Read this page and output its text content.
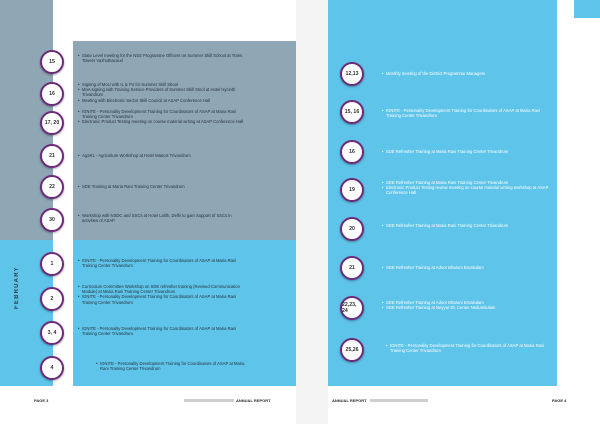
FEBRUARY
15
• State Level meeting for the NSS Programme Officers on Summer Skill School at Trans Towers Vazhuthacaud
16
• Signing of MoU with IL & FS for Summer Skill Sbool
• MoA signing with Training Service Providers of Summer Skill Stool at Hotel Hycinth Trivandrum
• Meeting with Electronic Sector Skill Council at ASAP Conference Hall
17, 20
• IGNITE - Personality Development Training for Coordinators of ASAP at Maria Rani Training Center Trivandrum
• Electronic Product Testing meeting on course material writing at ASAP Conference Hall
21	• AgSKL - Agriculture Workshop at Hotel Mascot Trivandrum
22	• SDE Training at Maria Rani Training Center Trivandrum
30
• Workshop with NSDC and SSCs at Hotel Lalith, Delhi to gain Support of SSCs in activities of ASAP
1
• IGNITE - Personality Development Training for Coordinators of ASAP at Maria Rani Training Center Trivandrum
2
• Curriculum Committee Workshop on SDE refresher training (Revised Communication Module) at Maria Rani Training Center Trivandrum
• IGNITE - Personality Development Training for Coordinators of ASAP at Maria Rani Training Center Trivandrum
3, 4
• IGNITE - Personality Development Training for Coordinators of ASAP at Maria Rani Training Center Trivandrum
4
• IGNITE - Personality Development Training for Coordinators of ASAP at Maria Rani Training Center Trivandrum
PAGE 3	ANNUAL REPORT
12,13	• Monthly meeting of the District Programme Managers
15, 16	• IGNITE - Personality Development Training for Coordinators of ASAP at Maria Rani Training Center Trivandrum
16	• SDE Refresher Training at Maria Rani Training Center Trivandrum
19
• SDE Refresher Training at Maria Rani Training Center Trivandrum
• Electronic Product Testing review meeting on course material writing workshop at ASAP Conference Hall
20
• SDE Refresher Training at Maria Rani Training Center Trivandrum
21	• SDE Refresher Training at Adoor Bharani Ernakulam
22,23, 24
• SDE Refresher Training at Adoor Bharani Ernakulam
• SDE Refresher Training at Neyyar Dt. Center Nedumkulam
25,26
• IGNITE - Personality Development Training for Coordinators of ASAP at Maria Rani Training Center Trivandrum
ANNUAL REPORT	PAGE 4
